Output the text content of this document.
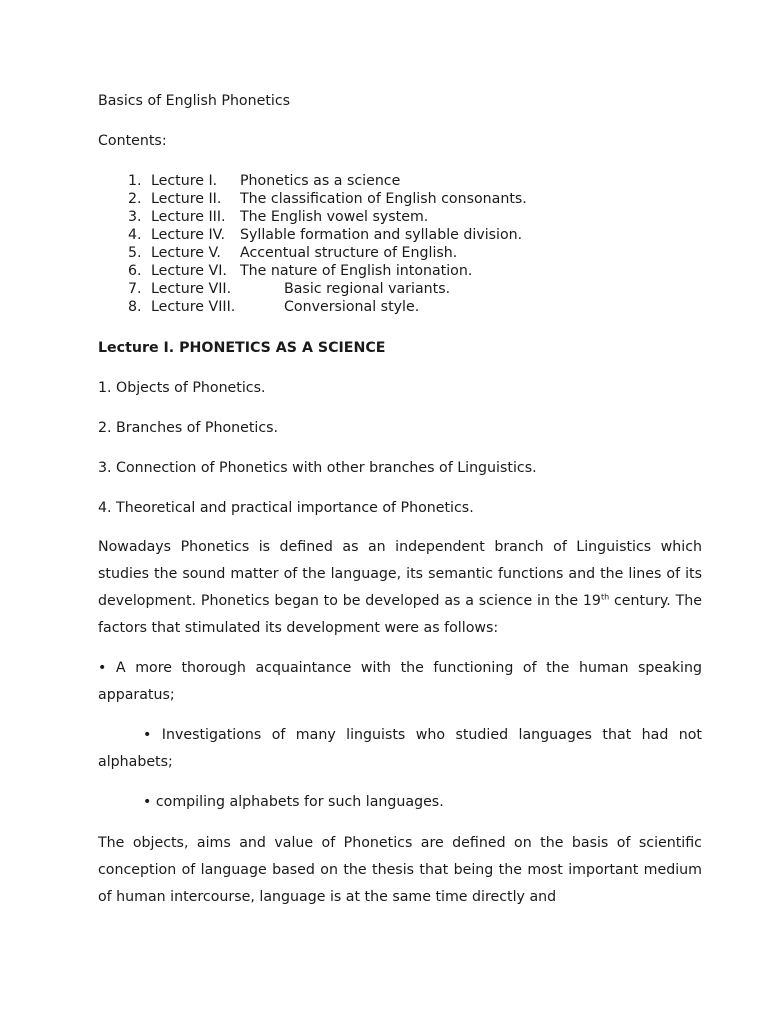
Basics of English Phonetics
Contents:
1. Lecture I. Phonetics as a science
2. Lecture II. The classification of English consonants.
3. Lecture III. The English vowel system.
4. Lecture IV. Syllable formation and syllable division.
5. Lecture V. Accentual structure of English.
6. Lecture VI. The nature of English intonation.
7. Lecture VII.	Basic regional variants.
8. Lecture VIII.	Conversional style.
Lecture I. PHONETICS AS A SCIENCE
1. Objects of Phonetics.
2. Branches of Phonetics.
3. Connection of Phonetics with other branches of Linguistics.
4. Theoretical and practical importance of Phonetics.
Nowadays Phonetics is defined as an independent branch of Linguistics which studies the sound matter of the language, its semantic functions and the lines of its development. Phonetics began to be developed as a science in the 19th century. The factors that stimulated its development were as follows:
• A more thorough acquaintance with the functioning of the human speaking apparatus;
• Investigations of many linguists who studied languages that had not alphabets;
• compiling alphabets for such languages.
The objects, aims and value of Phonetics are defined on the basis of scientific conception of language based on the thesis that being the most important medium of human intercourse, language is at the same time directly and
